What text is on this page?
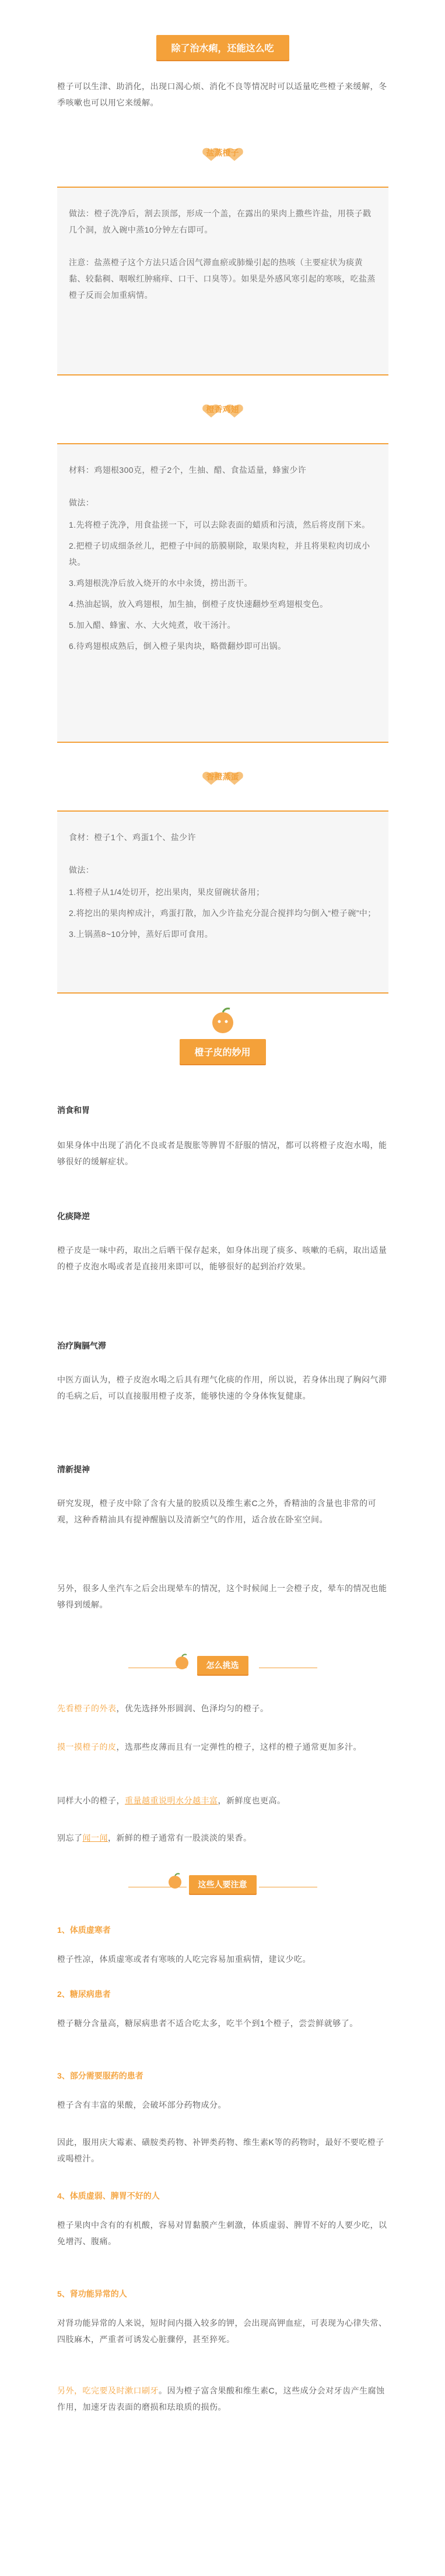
除了治水痢，还能这么吃
橙子可以生津、助消化，出现口渴心烦、消化不良等情况时可以适量吃些橙子来缓解，冬季咳嗽也可以用它来缓解。
盐蒸橙子

做法：橙子洗净后，割去顶部，形成一个盖，在露出的果肉上撒些许盐，用筷子戳几个洞，放入碗中蒸10分钟左右即可。

注意：盐蒸橙子这个方法只适合因气滞血瘀或肺燥引起的热咳（主要症状为痰黄黏、较黏稠、咽喉红肿痛痒、口干、口臭等）。如果是外感风寒引起的寒咳，吃盐蒸橙子反而会加重病情。

橙香鸡翅

材料：鸡翅根300克，橙子2个，生抽、醋、食盐适量，蜂蜜少许

做法：

1.先将橙子洗净，用食盐搓一下，可以去除表面的蜡质和污渍，然后将皮削下来。

2.把橙子切成细条丝儿，把橙子中间的筋膜剔除，取果肉粒，并且将果粒肉切成小块。

3.鸡翅根洗净后放入烧开的水中汆烫，捞出沥干。

4.热油起锅，放入鸡翅根，加生抽，倒橙子皮快速翻炒至鸡翅根变色。

5.加入醋、蜂蜜、水、大火炖煮，收干汤汁。

6.待鸡翅根成熟后，倒入橙子果肉块，略微翻炒即可出锅。

香橙蒸蛋

食材：橙子1个、鸡蛋1个、盐少许

做法：

1.将橙子从1/4处切开，挖出果肉，果皮留碗状备用；

2.将挖出的果肉榨成汁，鸡蛋打散，加入少许盐充分混合搅拌均匀倒入“橙子碗”中；

3.上锅蒸8~10分钟，蒸好后即可食用。

橙子皮的妙用
消食和胃
如果身体中出现了消化不良或者是腹胀等脾胃不舒服的情况，都可以将橙子皮泡水喝，能够很好的缓解症状。
化痰降逆
橙子皮是一味中药，取出之后晒干保存起来，如身体出现了痰多、咳嗽的毛病，取出适量的橙子皮泡水喝或者是直接用来即可以，能够很好的起到治疗效果。
治疗胸膈气滞
中医方面认为，橙子皮泡水喝之后具有理气化痰的作用，所以说，若身体出现了胸闷气滞的毛病之后，可以直接服用橙子皮茶，能够快速的令身体恢复健康。
清新提神
研究发现，橙子皮中除了含有大量的胶质以及维生素C之外，香精油的含量也非常的可观，这种香精油具有提神醒脑以及清新空气的作用，适合放在卧室空间。
另外，很多人坐汽车之后会出现晕车的情况，这个时候闻上一会橙子皮，晕车的情况也能够得到缓解。
怎么挑选
先看橙子的外表，优先选择外形圆润、色泽均匀的橙子。
摸一摸橙子的皮，选那些皮薄而且有一定弹性的橙子，这样的橙子通常更加多汁。
同样大小的橙子，重量越重说明水分越丰富，新鲜度也更高。
别忘了闻一闻，新鲜的橙子通常有一股淡淡的果香。
这些人要注意
1、体质虚寒者
橙子性凉，体质虚寒或者有寒咳的人吃完容易加重病情，建议少吃。
2、糖尿病患者
橙子糖分含量高，糖尿病患者不适合吃太多，吃半个到1个橙子，尝尝鲜就够了。
3、部分需要服药的患者
橙子含有丰富的果酸，会破坏部分药物成分。
因此，服用庆大霉素、磺胺类药物、补钾类药物、维生素K等的药物时，最好不要吃橙子或喝橙汁。
4、体质虚弱、脾胃不好的人
橙子果肉中含有的有机酸，容易对胃黏膜产生刺激，体质虚弱、脾胃不好的人要少吃，以免增泻、腹痛。
5、肾功能异常的人
对肾功能异常的人来说，短时间内摄入较多的钾，会出现高钾血症，可表现为心律失常、四肢麻木，严重者可诱发心脏骤停，甚至猝死。
另外，吃完要及时漱口刷牙。因为橙子富含果酸和维生素C，这些成分会对牙齿产生腐蚀作用，加速牙齿表面的磨损和珐琅质的损伤。
